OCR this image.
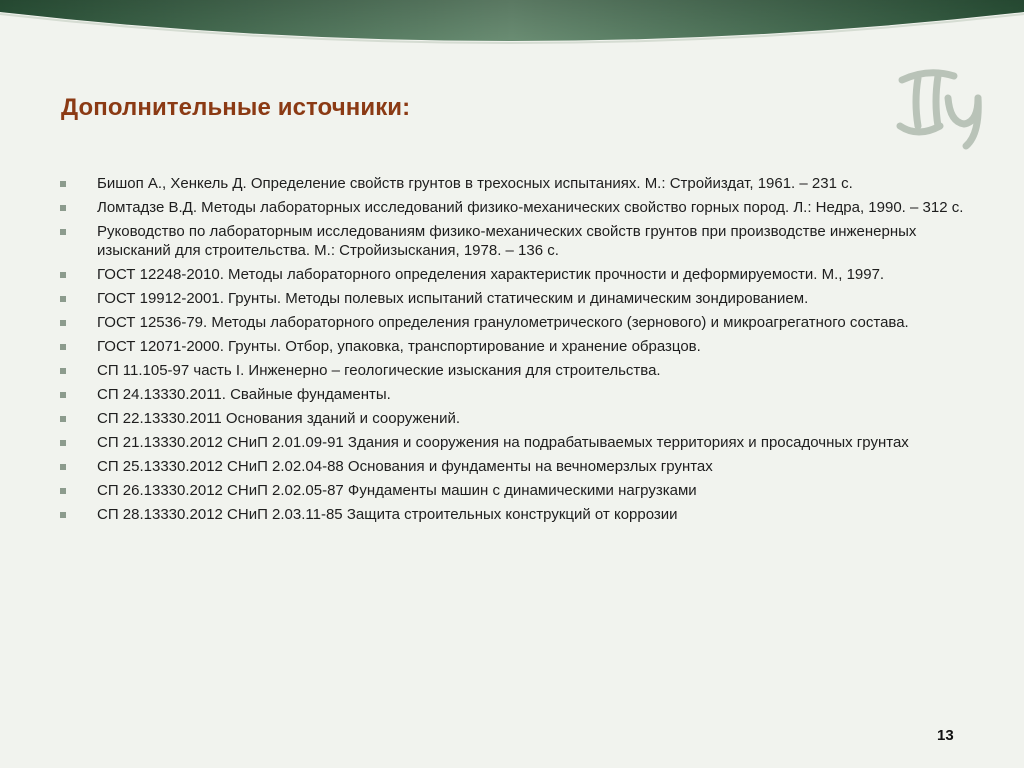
Дополнительные источники:
Бишоп А., Хенкель Д. Определение свойств грунтов в трехосных испытаниях. М.: Стройиздат, 1961. – 231 с.
Ломтадзе В.Д. Методы лабораторных исследований физико-механических свойство горных пород. Л.: Недра, 1990. – 312 с.
Руководство по лабораторным исследованиям физико-механических свойств грунтов при производстве инженерных изысканий для строительства. М.: Стройизыскания, 1978. – 136 с.
ГОСТ 12248-2010. Методы лабораторного определения характеристик прочности и деформируемости. М., 1997.
ГОСТ 19912-2001. Грунты. Методы полевых испытаний статическим и динамическим зондированием.
ГОСТ 12536-79. Методы лабораторного определения гранулометрического (зернового) и микроагрегатного состава.
ГОСТ 12071-2000. Грунты. Отбор, упаковка, транспортирование и хранение образцов.
СП 11.105-97 часть I. Инженерно – геологические изыскания для строительства.
СП 24.13330.2011. Свайные фундаменты.
СП 22.13330.2011 Основания зданий и сооружений.
СП 21.13330.2012 СНиП 2.01.09-91 Здания и сооружения на подрабатываемых территориях и просадочных грунтах
СП 25.13330.2012 СНиП 2.02.04-88 Основания и фундаменты на вечномерзлых грунтах
СП 26.13330.2012 СНиП 2.02.05-87 Фундаменты машин с динамическими нагрузками
СП 28.13330.2012 СНиП 2.03.11-85 Защита строительных конструкций от коррозии
13
